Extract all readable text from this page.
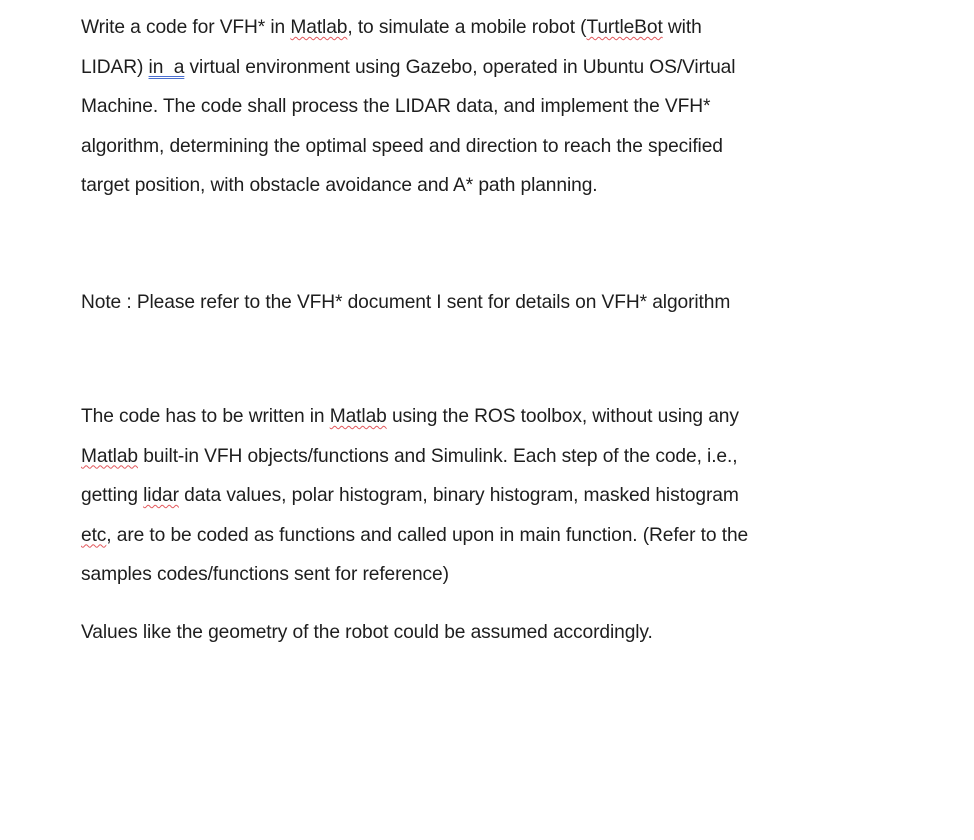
Write a code for VFH* in Matlab, to simulate a mobile robot (TurtleBot with
LIDAR) in  a virtual environment using Gazebo, operated in Ubuntu OS/Virtual
Machine. The code shall process the LIDAR data, and implement the VFH*
algorithm, determining the optimal speed and direction to reach the specified
target position, with obstacle avoidance and A* path planning.

Note : Please refer to the VFH* document I sent for details on VFH* algorithm

The code has to be written in Matlab using the ROS toolbox, without using any
Matlab built-in VFH objects/functions and Simulink. Each step of the code, i.e.,
getting lidar data values, polar histogram, binary histogram, masked histogram
etc, are to be coded as functions and called upon in main function. (Refer to the
samples codes/functions sent for reference)

Values like the geometry of the robot could be assumed accordingly.
